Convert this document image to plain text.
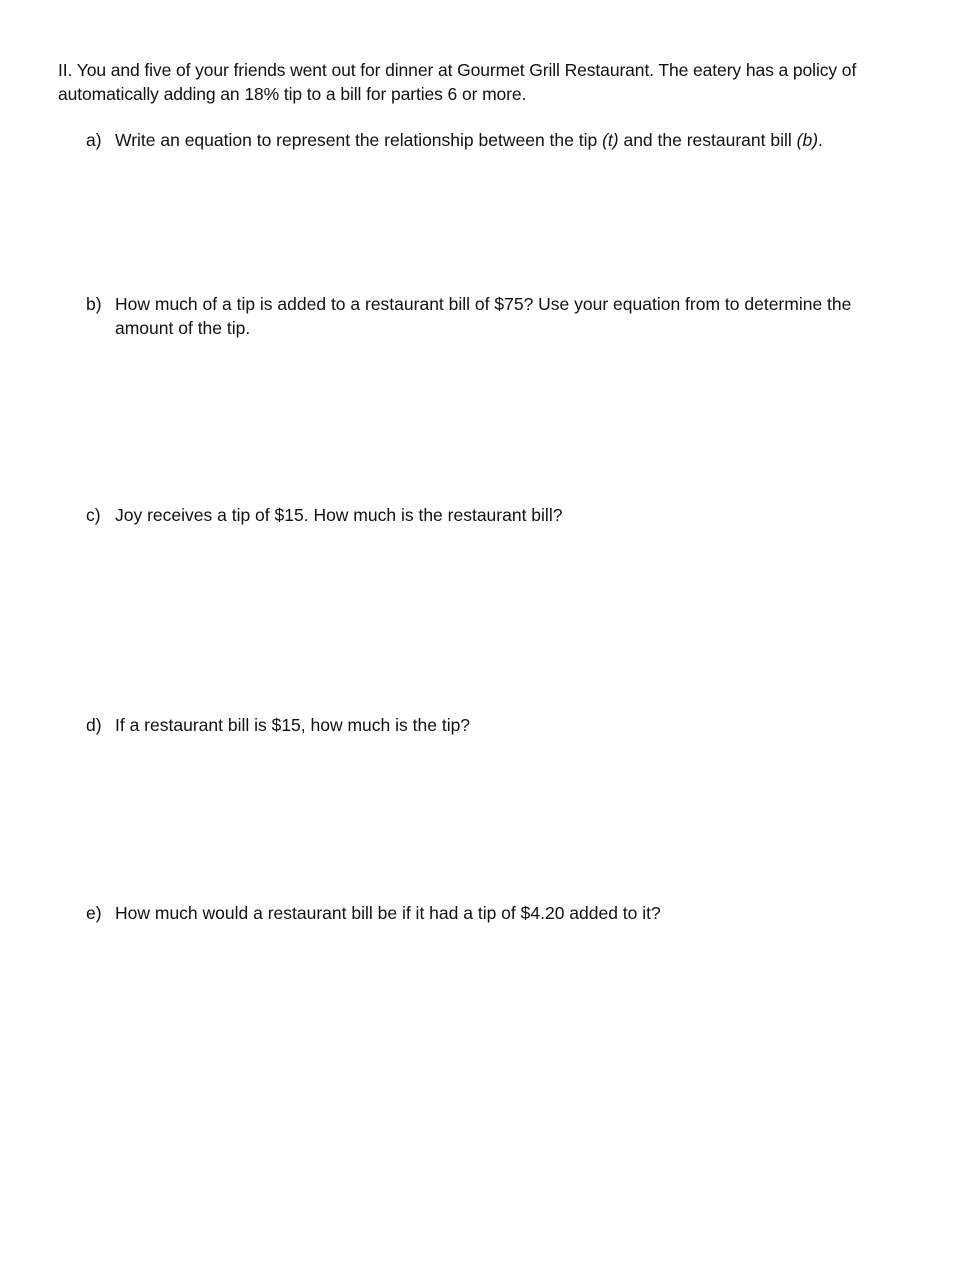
II. You and five of your friends went out for dinner at Gourmet Grill Restaurant. The eatery has a policy of automatically adding an 18% tip to a bill for parties 6 or more.

a) Write an equation to represent the relationship between the tip (t) and the restaurant bill (b).
b) How much of a tip is added to a restaurant bill of $75? Use your equation from to determine the amount of the tip.
c) Joy receives a tip of $15. How much is the restaurant bill?
d) If a restaurant bill is $15, how much is the tip?
e) How much would a restaurant bill be if it had a tip of $4.20 added to it?
